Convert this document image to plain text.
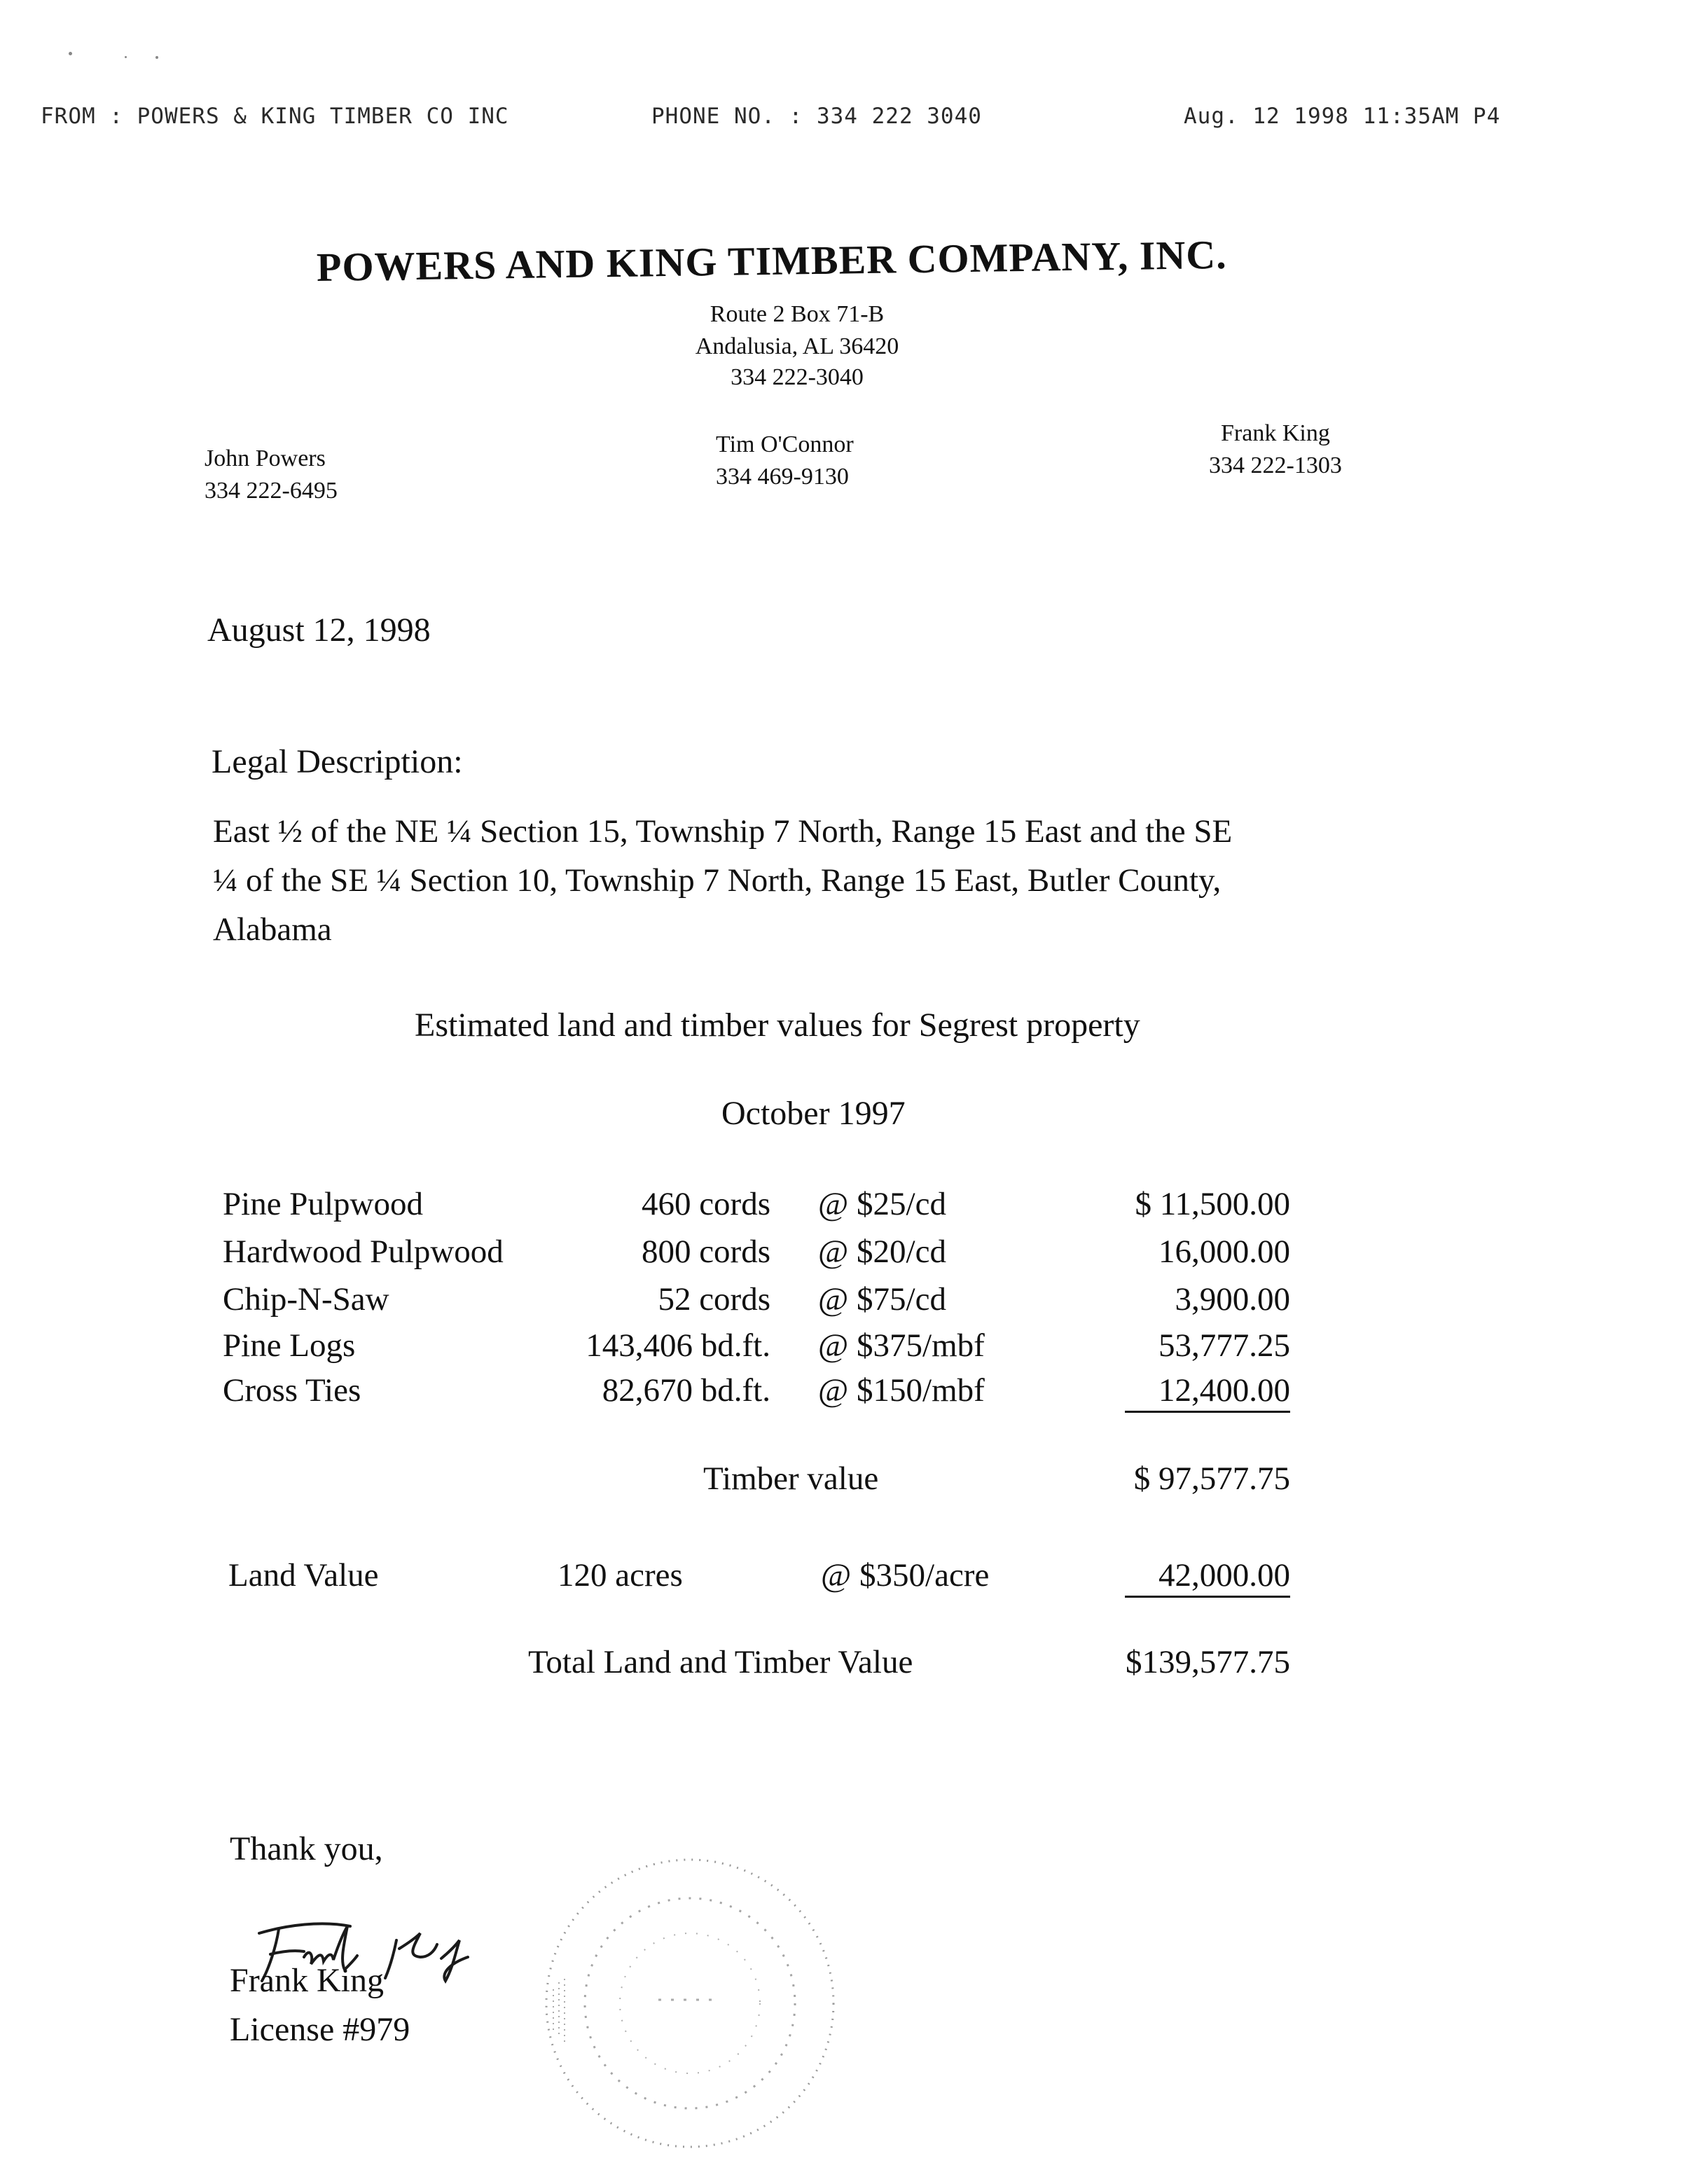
FROM : POWERS & KING TIMBER CO INC	PHONE NO. : 334 222 3040	Aug. 12 1998 11:35AM P4
POWERS AND KING TIMBER COMPANY, INC.
Route 2 Box 71-B
Andalusia, AL 36420
334 222-3040
John Powers
334 222-6495
Tim O'Connor
334 469-9130
Frank King
334 222-1303
August 12, 1998
Legal Description:
East ½ of the NE ¼ Section 15, Township 7 North, Range 15 East and the SE
¼ of the SE ¼ Section 10, Township 7 North, Range 15 East, Butler County,
Alabama
Estimated land and timber values for Segrest property
October 1997
Pine Pulpwood	460 cords @ $25/cd	$ 11,500.00
Hardwood Pulpwood	800 cords @ $20/cd	16,000.00
Chip-N-Saw	52 cords @ $75/cd	3,900.00
Pine Logs	143,406 bd.ft. @ $375/mbf	53,777.25
Cross Ties	82,670 bd.ft. @ $150/mbf	12,400.00
Timber value	$ 97,577.75
Land Value	120 acres	@ $350/acre	42,000.00
Total Land and Timber Value	$139,577.75
Thank you,
Frank King
Frank King
License #979
